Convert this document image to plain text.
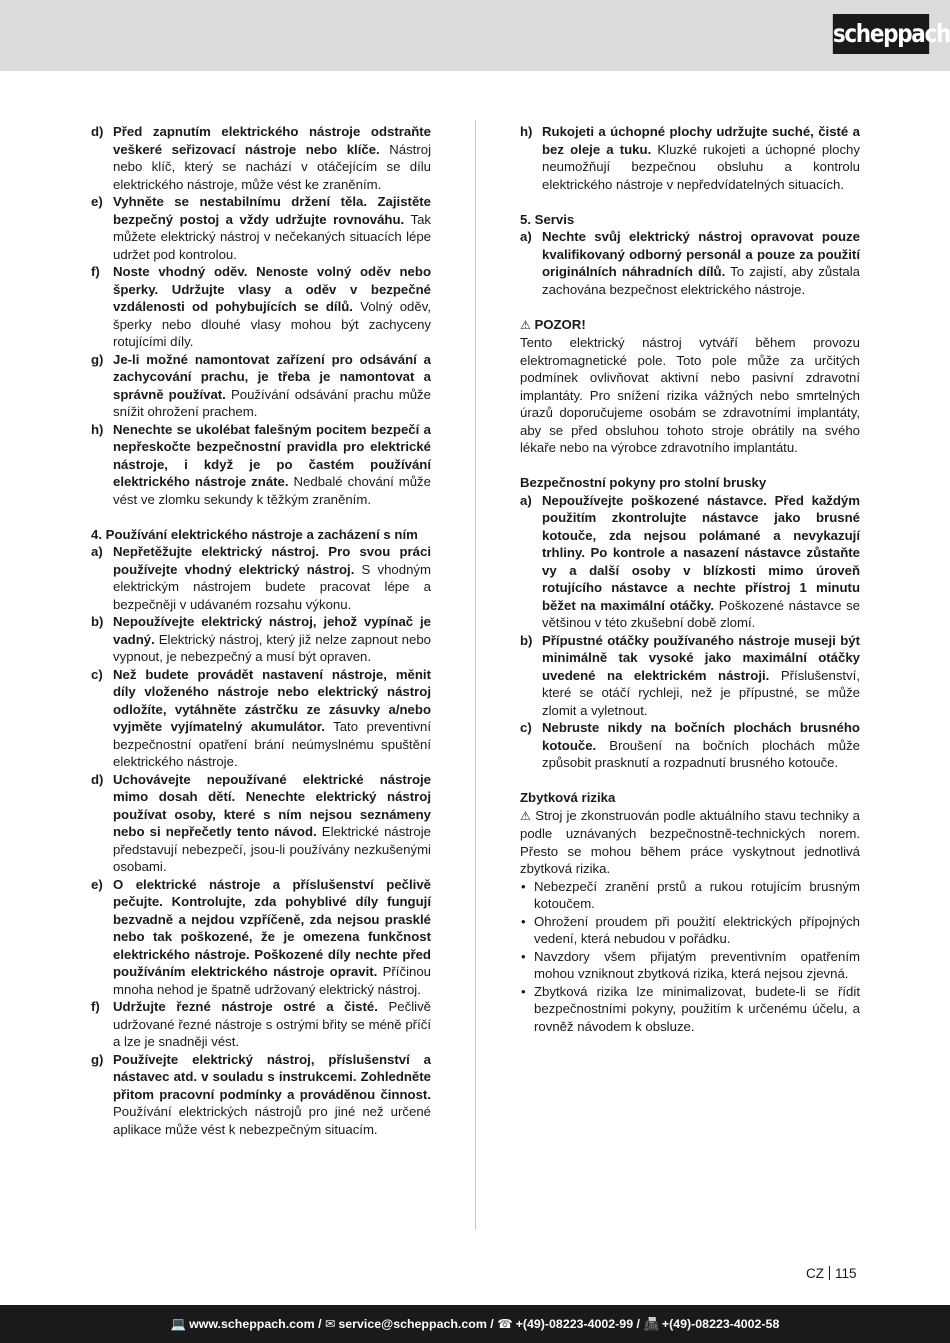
scheppach
d) Před zapnutím elektrického nástroje odstraňte veškeré seřizovací nástroje nebo klíče. Nástroj nebo klíč, který se nachází v otáčejícím se dílu elektrického nástroje, může vést ke zraněním.
e) Vyhněte se nestabilnímu držení těla. Zajistěte bezpečný postoj a vždy udržujte rovnováhu. Tak můžete elektrický nástroj v nečekaných situacích lépe udržet pod kontrolou.
f) Noste vhodný oděv. Nenoste volný oděv nebo šperky. Udržujte vlasy a oděv v bezpečné vzdálenosti od pohybujících se dílů. Volný oděv, šperky nebo dlouhé vlasy mohou být zachyceny rotujícími díly.
g) Je-li možné namontovat zařízení pro odsávání a zachycování prachu, je třeba je namontovat a správně používat. Používání odsávání prachu může snížit ohrožení prachem.
h) Nenechte se ukolébat falešným pocitem bezpečí a nepřeskočte bezpečnostní pravidla pro elektrické nástroje, i když je po častém používání elektrického nástroje znáte. Nedbalé chování může vést ve zlomku sekundy k těžkým zraněním.
4. Používání elektrického nástroje a zacházení s ním
a) Nepřetěžujte elektrický nástroj. Pro svou práci používejte vhodný elektrický nástroj. S vhodným elektrickým nástrojem budete pracovat lépe a bezpečněji v udávaném rozsahu výkonu.
b) Nepoužívejte elektrický nástroj, jehož vypínač je vadný. Elektrický nástroj, který již nelze zapnout nebo vypnout, je nebezpečný a musí být opraven.
c) Než budete provádět nastavení nástroje, měnit díly vloženého nástroje nebo elektrický nástroj odložíte, vytáhněte zástrčku ze zásuvky a/nebo vyjměte vyjímatelný akumulátor. Tato preventivní bezpečnostní opatření brání neúmyslnému spuštění elektrického nástroje.
d) Uchovávejte nepoužívané elektrické nástroje mimo dosah dětí. Nenechte elektrický nástroj používat osoby, které s ním nejsou seznámeny nebo si nepřečetly tento návod. Elektrické nástroje představují nebezpečí, jsou-li používány nezkušenými osobami.
e) O elektrické nástroje a příslušenství pečlivě pečujte. Kontrolujte, zda pohyblivé díly fungují bezvadně a nejdou vzpříčeně, zda nejsou prasklé nebo tak poškozené, že je omezena funkčnost elektrického nástroje. Poškozené díly nechte před používáním elektrického nástroje opravit. Příčinou mnoha nehod je špatně udržovaný elektrický nástroj.
f) Udržujte řezné nástroje ostré a čisté. Pečlivě udržované řezné nástroje s ostrými břity se méně příčí a lze je snadněji vést.
g) Používejte elektrický nástroj, příslušenství a nástavec atd. v souladu s instrukcemi. Zohledněte přitom pracovní podmínky a prováděnou činnost. Používání elektrických nástrojů pro jiné než určené aplikace může vést k nebezpečným situacím.
h) Rukojeti a úchopné plochy udržujte suché, čisté a bez oleje a tuku. Kluzké rukojeti a úchopné plochy neumožňují bezpečnou obsluhu a kontrolu elektrického nástroje v nepředvídatelných situacích.
5. Servis
a) Nechte svůj elektrický nástroj opravovat pouze kvalifikovaný odborný personál a pouze za použití originálních náhradních dílů. To zajistí, aby zůstala zachována bezpečnost elektrického nástroje.
⚠ POZOR!
Tento elektrický nástroj vytváří během provozu elektromagnetické pole. Toto pole může za určitých podmínek ovlivňovat aktivní nebo pasivní zdravotní implantáty. Pro snížení rizika vážných nebo smrtelných úrazů doporučujeme osobám se zdravotními implantáty, aby se před obsluhou tohoto stroje obrátily na svého lékaře nebo na výrobce zdravotního implantátu.
Bezpečnostní pokyny pro stolní brusky
a) Nepoužívejte poškozené nástavce. Před každým použitím zkontrolujte nástavce jako brusné kotouče, zda nejsou polámané a nevykazují trhliny. Po kontrole a nasazení nástavce zůstaňte vy a další osoby v blízkosti mimo úroveň rotujícího nástavce a nechte přístroj 1 minutu běžet na maximální otáčky. Poškozené nástavce se většinou v této zkušební době zlomí.
b) Přípustné otáčky používaného nástroje museji být minimálně tak vysoké jako maximální otáčky uvedené na elektrickém nástroji. Příslušenství, které se otáčí rychleji, než je přípustné, se může zlomit a vyletnout.
c) Nebruste nikdy na bočních plochách brusného kotouče. Broušení na bočních plochách může způsobit prasknutí a rozpadnutí brusného kotouče.
Zbytková rizika
⚠ Stroj je zkonstruován podle aktuálního stavu techniky a podle uznávaných bezpečnostně-technických norem. Přesto se mohou během práce vyskytnout jednotlivá zbytková rizika.
• Nebezpečí zranění prstů a rukou rotujícím brusným kotoučem.
• Ohrožení proudem při použití elektrických přípojných vedení, která nebudou v pořádku.
• Navzdory všem přijatým preventivním opatřením mohou vzniknout zbytková rizika, která nejsou zjevná.
• Zbytková rizika lze minimalizovat, budete-li se řídit bezpečnostními pokyny, použitím k určenému účelu, a rovněž návodem k obsluze.
CZ 115
💻 www.scheppach.com / ✉ service@scheppach.com / ☎ +(49)-08223-4002-99 / 📠 +(49)-08223-4002-58
